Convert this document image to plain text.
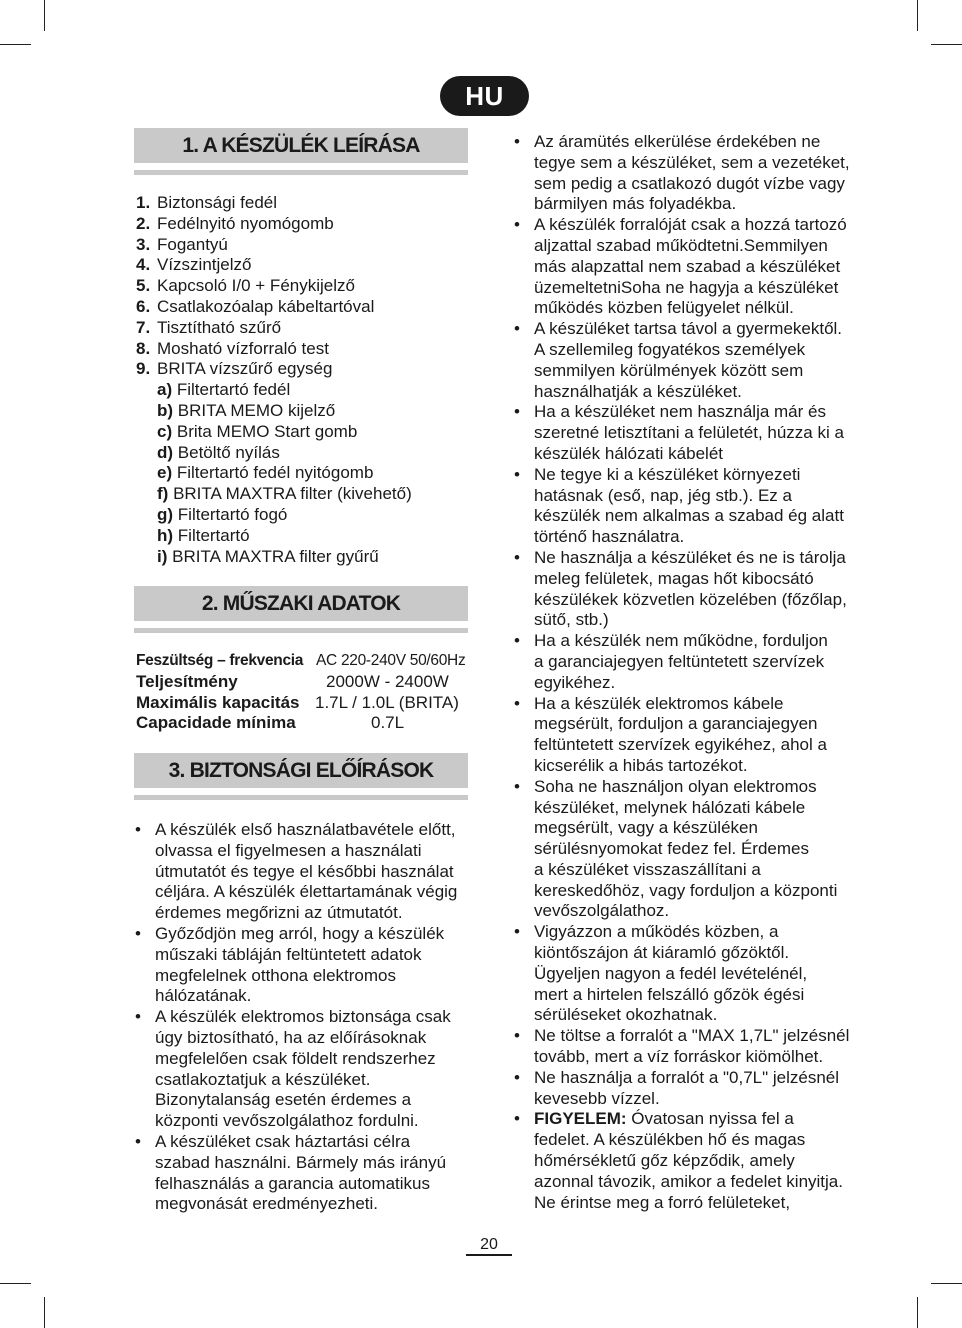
HU
1. A KÉSZÜLÉK LEÍRÁSA
1. Biztonsági fedél
2. Fedélnyitó nyomógomb
3. Fogantyú
4. Vízszintjelző
5. Kapcsoló I/0 + Fénykijelző
6. Csatlakozóalap kábeltartóval
7. Tisztítható szűrő
8. Mosható vízforraló test
9. BRITA vízszűrő egység
a) Filtertartó fedél
b) BRITA MEMO kijelző
c) Brita MEMO Start gomb
d) Betöltő nyílás
e) Filtertartó fedél nyitógomb
f) BRITA MAXTRA filter (kivehető)
g) Filtertartó fogó
h) Filtertartó
i) BRITA MAXTRA filter gyűrű
2. MŰSZAKI ADATOK
Feszültség – frekvencia AC 220-240V 50/60Hz
Teljesítmény	2000W - 2400W
Maximális kapacitás 1.7L / 1.0L (BRITA)
Capacidade mínima	0.7L
3. BIZTONSÁGI ELŐÍRÁSOK
• A készülék első használatbavétele előtt,
olvassa el figyelmesen a használati
útmutatót és tegye el későbbi használat
céljára. A készülék élettartamának végig
érdemes megőrizni az útmutatót.
• Győződjön meg arról, hogy a készülék
műszaki tábláján feltüntetett adatok
megfelelnek otthona elektromos
hálózatának.
• A készülék elektromos biztonsága csak
úgy biztosítható, ha az előírásoknak
megfelelően csak földelt rendszerhez
csatlakoztatjuk a készüléket.
Bizonytalanság esetén érdemes a
központi vevőszolgálathoz fordulni.
• A készüléket csak háztartási célra
szabad használni. Bármely más irányú
felhasználás a garancia automatikus
megvonását eredményezheti.
• Az áramütés elkerülése érdekében ne
tegye sem a készüléket, sem a vezetéket,
sem pedig a csatlakozó dugót vízbe vagy
bármilyen más folyadékba.
• A készülék forralóját csak a hozzá tartozó
aljzattal szabad működtetni.Semmilyen
más alapzattal nem szabad a készüléket
üzemeltetniSoha ne hagyja a készüléket
működés közben felügyelet nélkül.
• A készüléket tartsa távol a gyermekektől.
A szellemileg fogyatékos személyek
semmilyen körülmények között sem
használhatják a készüléket.
• Ha a készüléket nem használja már és
szeretné letisztítani a felületét, húzza ki a
készülék hálózati kábelét
• Ne tegye ki a készüléket környezeti
hatásnak (eső, nap, jég stb.). Ez a
készülék nem alkalmas a szabad ég alatt
történő használatra.
• Ne használja a készüléket és ne is tárolja
meleg felületek, magas hőt kibocsátó
készülékek közvetlen közelében (főzőlap,
sütő, stb.)
• Ha a készülék nem működne, forduljon
a garanciajegyen feltüntetett szervízek
egyikéhez.
• Ha a készülék elektromos kábele
megsérült, forduljon a garanciajegyen
feltüntetett szervízek egyikéhez, ahol a
kicserélik a hibás tartozékot.
• Soha ne használjon olyan elektromos
készüléket, melynek hálózati kábele
megsérült, vagy a készüléken
sérülésnyomokat fedez fel. Érdemes
a készüléket visszaszállítani a
kereskedőhöz, vagy forduljon a központi
vevőszolgálathoz.
• Vigyázzon a működés közben, a
kiöntőszájon át kiáramló gőzöktől.
Ügyeljen nagyon a fedél levételénél,
mert a hirtelen felszálló gőzök égési
sérüléseket okozhatnak.
• Ne töltse a forralót a "MAX 1,7L" jelzésnél
tovább, mert a víz forráskor kiömölhet.
• Ne használja a forralót a "0,7L" jelzésnél
kevesebb vízzel.
• FIGYELEM: Óvatosan nyissa fel a
fedelet. A készülékben hő és magas
hőmérsékletű gőz képződik, amely
azonnal távozik, amikor a fedelet kinyitja.
Ne érintse meg a forró felületeket,
20
